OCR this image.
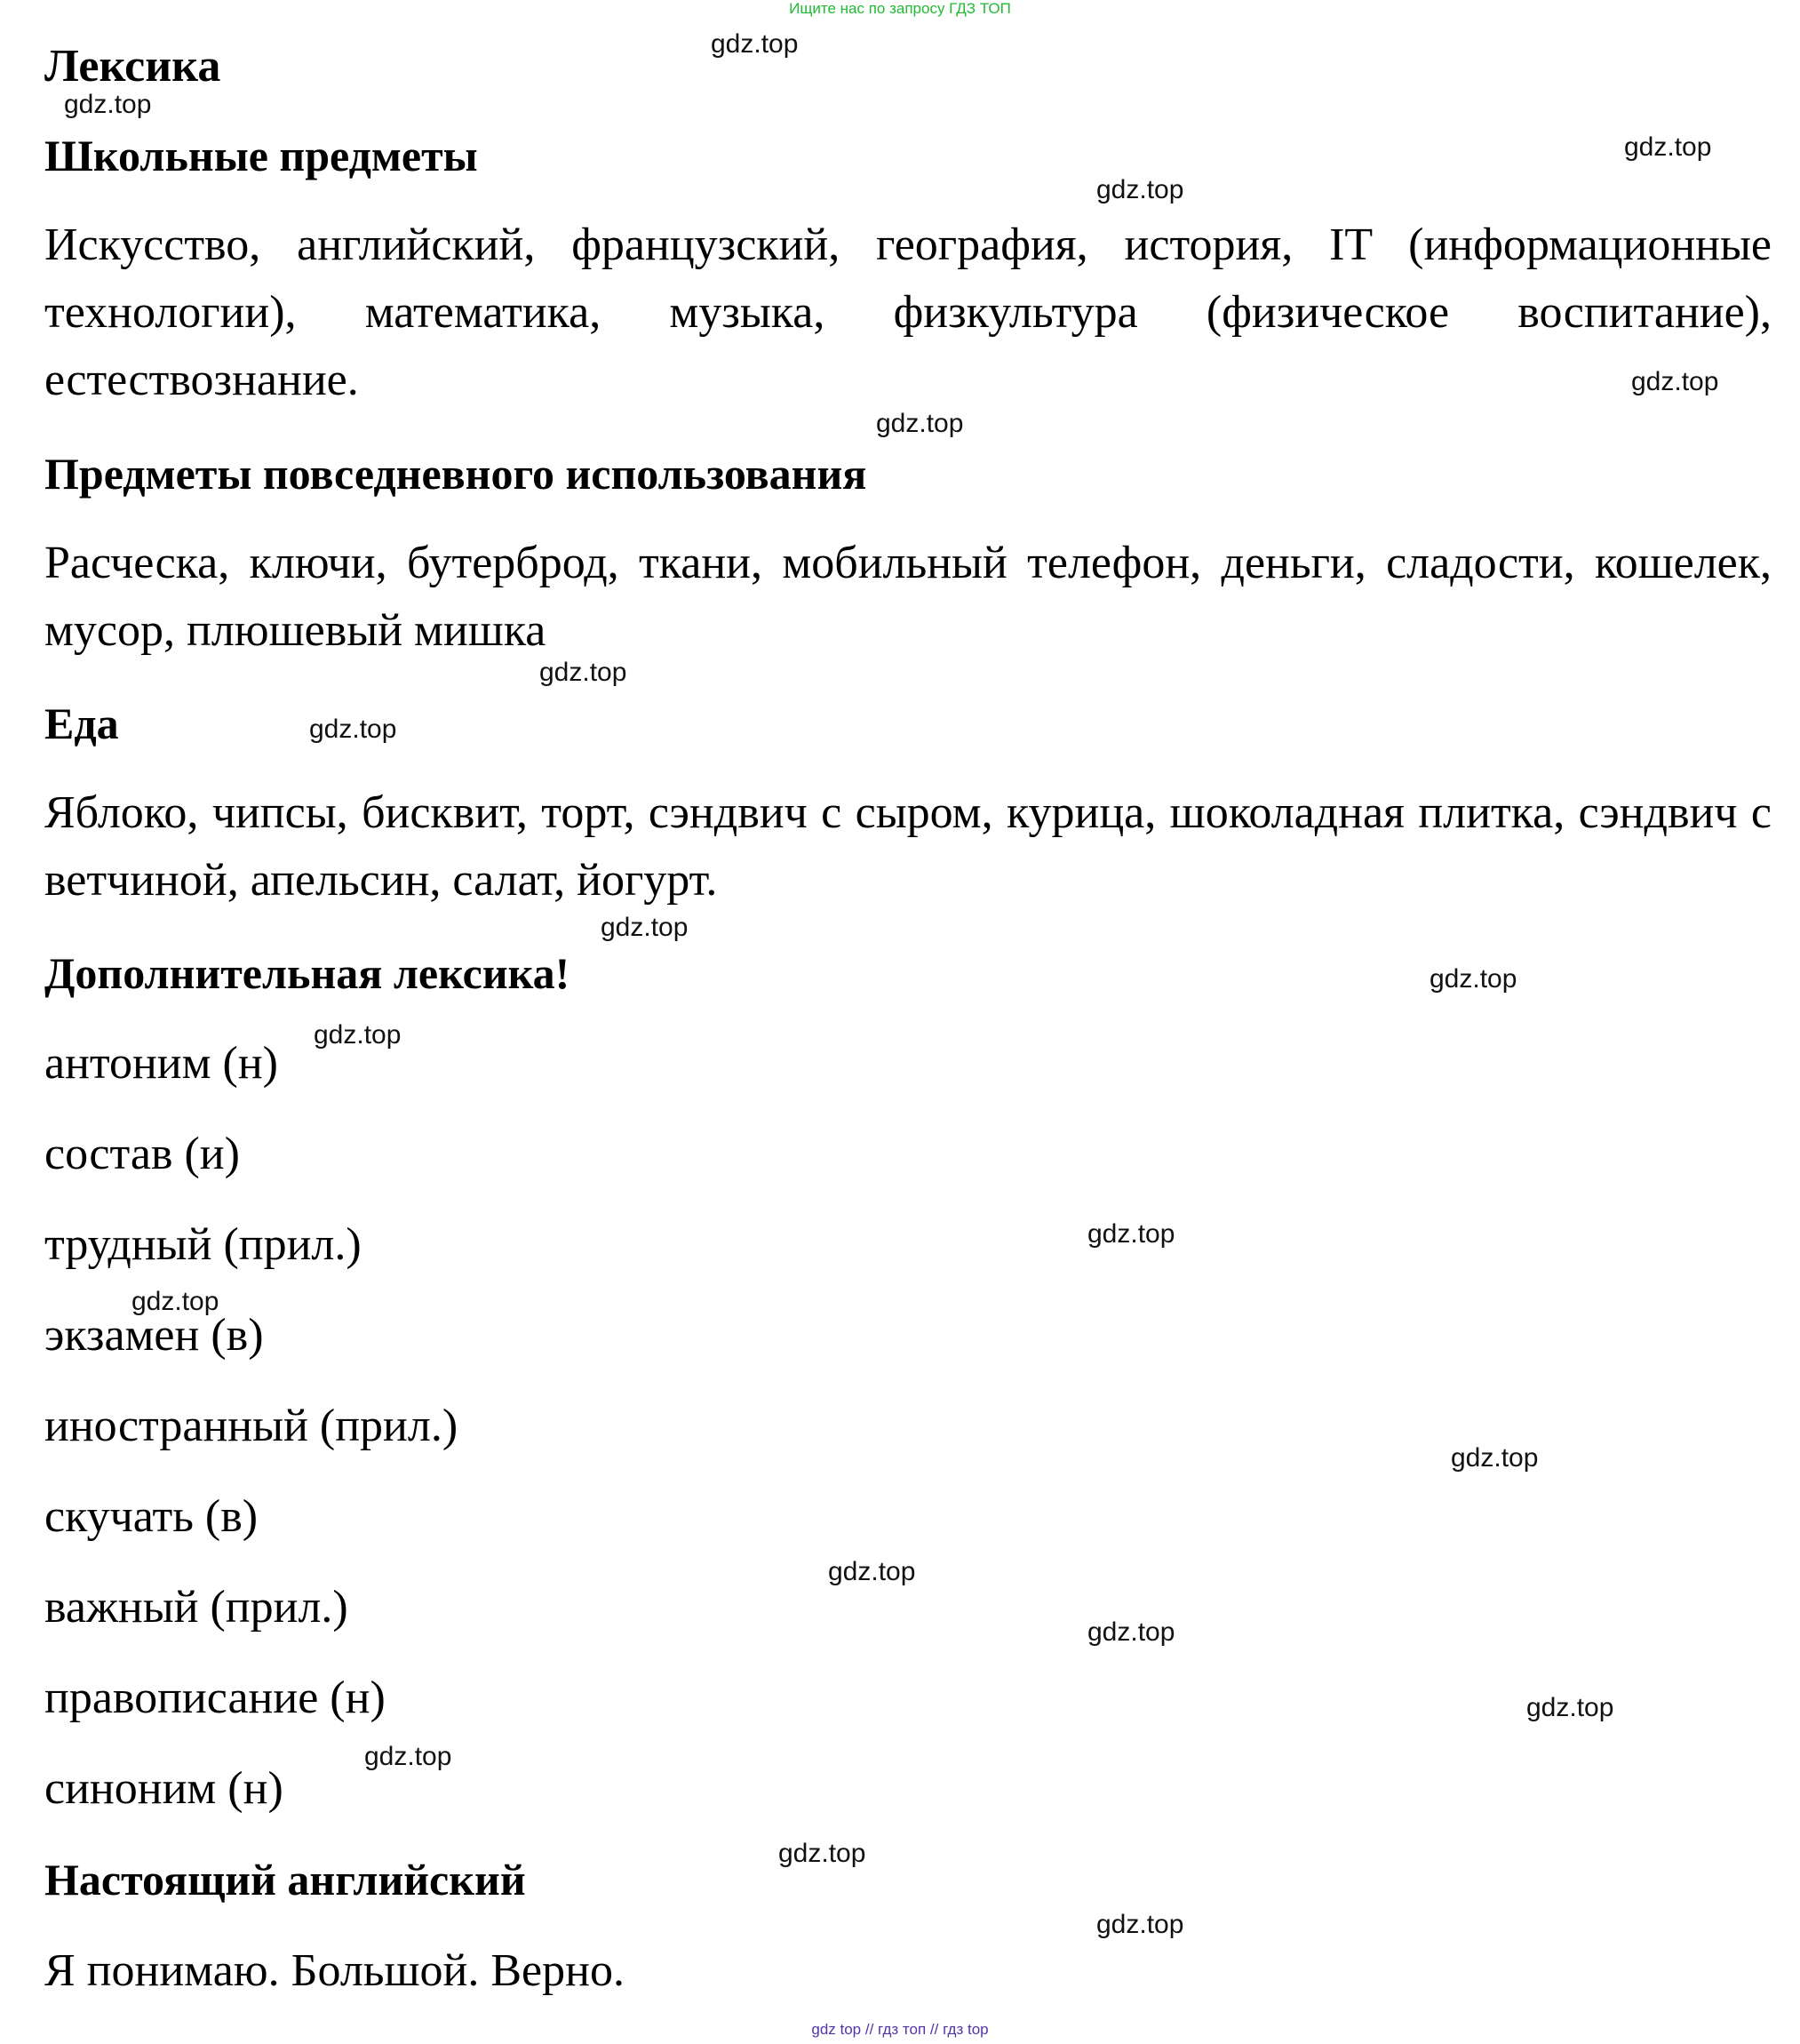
Ищите нас по запросу ГДЗ ТОП
Лексика
Школьные предметы

Искусство, английский, французский, география, история, IT (информационные технологии), математика, музыка, физкультура (физическое воспитание), естествознание.

Предметы повседневного использования

Расческа, ключи, бутерброд, ткани, мобильный телефон, деньги, сладости, кошелек, мусор, плюшевый мишка

Еда

Яблоко, чипсы, бисквит, торт, сэндвич с сыром, курица, шоколадная плитка, сэндвич с ветчиной, апельсин, салат, йогурт.

Дополнительная лексика!
антоним (н)
состав (и)
трудный (прил.)
экзамен (в)
иностранный (прил.)
скучать (в)
важный (прил.)
правописание (н)
синоним (н)
Настоящий английский
Я понимаю. Большой. Верно.
gdz.top
gdz.top
gdz.top
gdz.top
gdz.top
gdz.top
gdz.top
gdz.top
gdz.top
gdz.top
gdz.top
gdz.top
gdz.top
gdz.top
gdz.top
gdz.top
gdz.top
gdz.top
gdz.top
gdz.top
gdz top // гдз топ // гдз top
